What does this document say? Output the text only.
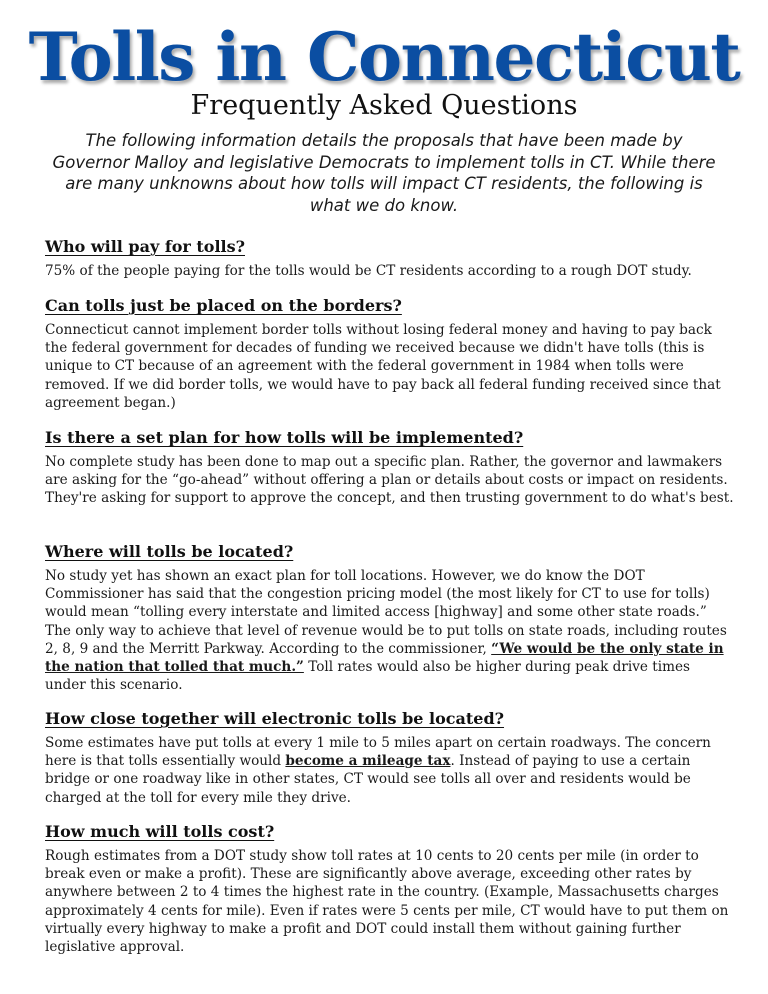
Tolls in Connecticut
Frequently Asked Questions
The following information details the proposals that have been made by Governor Malloy and legislative Democrats to implement tolls in CT. While there are many unknowns about how tolls will impact CT residents, the following is what we do know.
Who will pay for tolls?

75% of the people paying for the tolls would be CT residents according to a rough DOT study.

Can tolls just be placed on the borders?

Connecticut cannot implement border tolls without losing federal money and having to pay back the federal government for decades of funding we received because we didn't have tolls (this is unique to CT because of an agreement with the federal government in 1984 when tolls were removed. If we did border tolls, we would have to pay back all federal funding received since that agreement began.)

Is there a set plan for how tolls will be implemented?

No complete study has been done to map out a specific plan. Rather, the governor and lawmakers are asking for the “go-ahead” without offering a plan or details about costs or impact on residents. They're asking for support to approve the concept, and then trusting government to do what's best.

Where will tolls be located?

No study yet has shown an exact plan for toll locations. However, we do know the DOT Commissioner has said that the congestion pricing model (the most likely for CT to use for tolls) would mean “tolling every interstate and limited access [highway] and some other state roads.” The only way to achieve that level of revenue would be to put tolls on state roads, including routes 2, 8, 9 and the Merritt Parkway. According to the commissioner, “We would be the only state in the nation that tolled that much.” Toll rates would also be higher during peak drive times under this scenario.

How close together will electronic tolls be located?

Some estimates have put tolls at every 1 mile to 5 miles apart on certain roadways. The concern here is that tolls essentially would become a mileage tax. Instead of paying to use a certain bridge or one roadway like in other states, CT would see tolls all over and residents would be charged at the toll for every mile they drive.

How much will tolls cost?

Rough estimates from a DOT study show toll rates at 10 cents to 20 cents per mile (in order to break even or make a profit). These are significantly above average, exceeding other rates by anywhere between 2 to 4 times the highest rate in the country. (Example, Massachusetts charges approximately 4 cents for mile). Even if rates were 5 cents per mile, CT would have to put them on virtually every highway to make a profit and DOT could install them without gaining further legislative approval.
